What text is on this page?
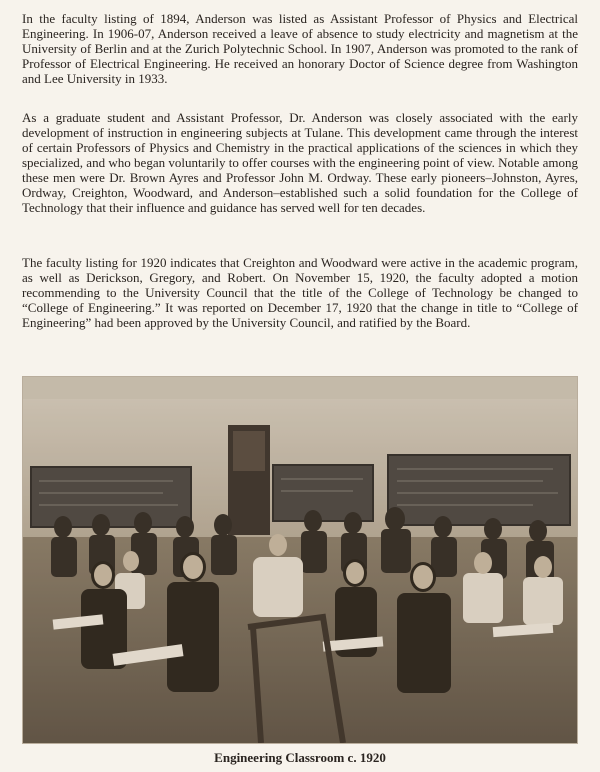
In the faculty listing of 1894, Anderson was listed as Assistant Professor of Physics and Electrical Engineering. In 1906-07, Anderson received a leave of absence to study electricity and magnetism at the University of Berlin and at the Zurich Polytechnic School. In 1907, Anderson was promoted to the rank of Professor of Electrical Engineering. He received an honorary Doctor of Science degree from Washington and Lee University in 1933.

As a graduate student and Assistant Professor, Dr. Anderson was closely associated with the early development of instruction in engineering subjects at Tulane. This development came through the interest of certain Professors of Physics and Chemistry in the practical applications of the sciences in which they specialized, and who began voluntarily to offer courses with the engineering point of view. Notable among these men were Dr. Brown Ayres and Professor John M. Ordway. These early pioneers–Johnston, Ayres, Ordway, Creighton, Woodward, and Anderson–established such a solid foundation for the College of Technology that their influence and guidance has served well for ten decades.

The faculty listing for 1920 indicates that Creighton and Woodward were active in the academic program, as well as Derickson, Gregory, and Robert. On November 15, 1920, the faculty adopted a motion recommending to the University Council that the title of the College of Technology be changed to “College of Engineering.” It was reported on December 17, 1920 that the change in title to “College of Engineering” had been approved by the University Council, and ratified by the Board.

Engineering Classroom c. 1920
